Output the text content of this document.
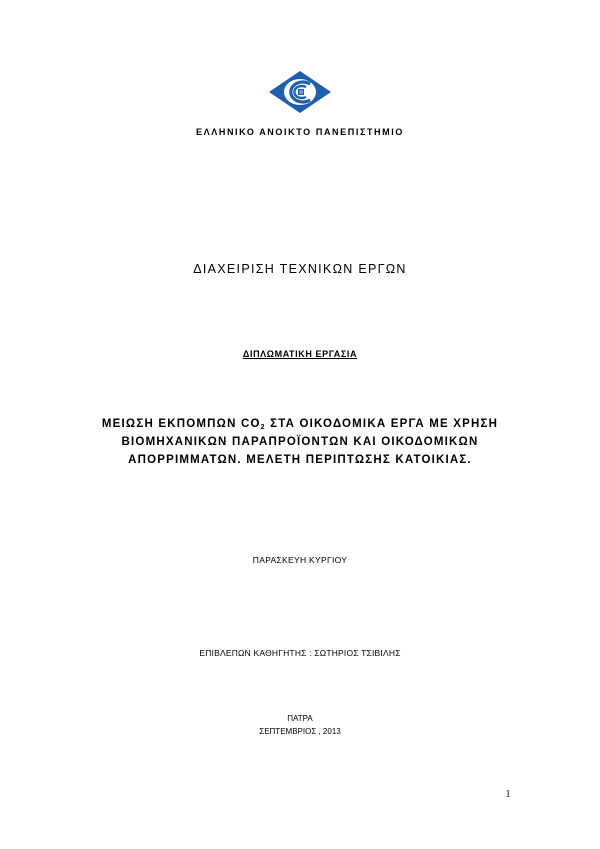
ΕΛΛΗΝΙΚΟ ΑΝΟΙΚΤΟ ΠΑΝΕΠΙΣΤΗΜΙΟ
ΔΙΑΧΕΙΡΙΣΗ ΤΕΧΝΙΚΩΝ ΕΡΓΩΝ
ΔΙΠΛΩΜΑΤΙΚΗ ΕΡΓΑΣΙΑ
ΜΕΙΩΣΗ ΕΚΠΟΜΠΩΝ $CO_2$ ΣΤΑ ΟΙΚΟΔΟΜΙΚΑ ΕΡΓΑ ΜΕ ΧΡΗΣΗ
ΒΙΟΜΗΧΑΝΙΚΩΝ ΠΑΡΑΠΡΟΪΟΝΤΩΝ ΚΑΙ ΟΙΚΟΔΟΜΙΚΩΝ
ΑΠΟΡΡΙΜΜΑΤΩΝ. ΜΕΛΕΤΗ ΠΕΡΙΠΤΩΣΗΣ ΚΑΤΟΙΚΙΑΣ.
ΠΑΡΑΣΚΕΥΗ ΚΥΡΓΙΟΥ
ΕΠΙΒΛΕΠΩΝ ΚΑΘΗΓΗΤΗΣ : ΣΩΤΗΡΙΟΣ ΤΣΙΒΙΛΗΣ
ΠΑΤΡΑ
ΣΕΠΤΕΜΒΡΙΟΣ , 2013
1
